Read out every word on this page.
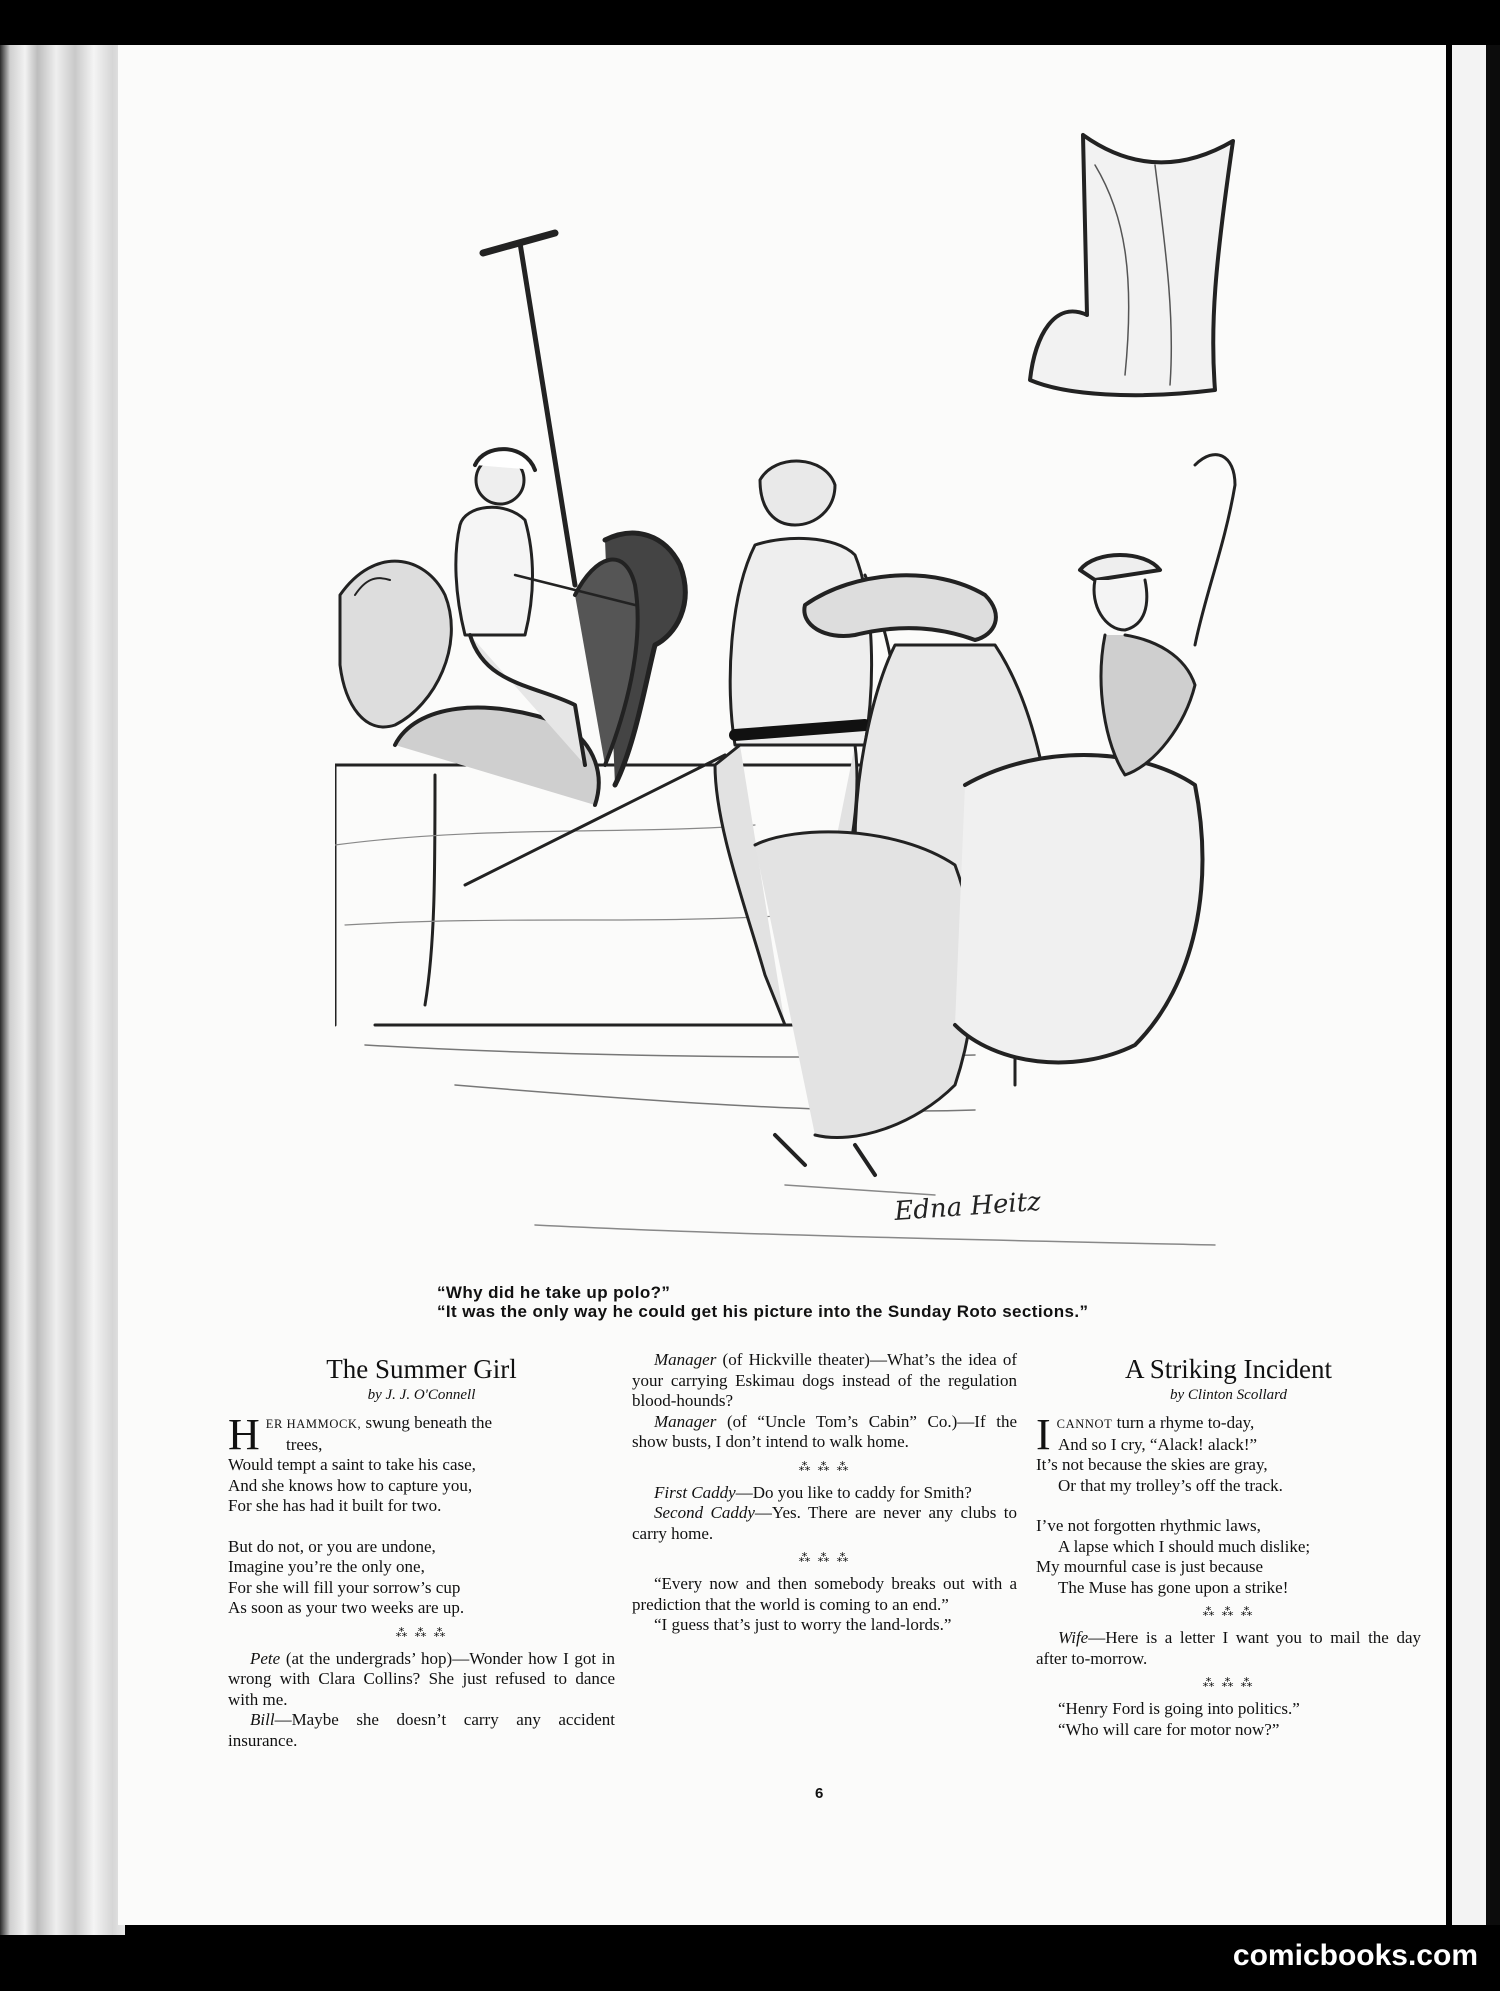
Edna Heitz
“Why did he take up polo?”
“It was the only way he could get his picture into the Sunday Roto sections.”
The Summer Girl
by J. J. O'Connell
H ER HAMMOCK, swung beneath the

trees,

Would tempt a saint to take his case,

And she knows how to capture you,

For she has had it built for two.

But do not, or you are undone,

Imagine you’re the only one,

For she will fill your sorrow’s cup

As soon as your two weeks are up.

⁂ ⁂ ⁂

Pete (at the undergrads’ hop)—Wonder how I got in wrong with Clara Collins? She just refused to dance with me.

Bill—Maybe she doesn’t carry any accident insurance.

Manager (of Hickville theater)—What’s the idea of your carrying Eskimau dogs instead of the regulation blood-hounds?

Manager (of “Uncle Tom’s Cabin” Co.)—If the show busts, I don’t intend to walk home.

⁂ ⁂ ⁂

First Caddy—Do you like to caddy for Smith?

Second Caddy—Yes. There are never any clubs to carry home.

⁂ ⁂ ⁂

“Every now and then somebody breaks out with a prediction that the world is coming to an end.”

“I guess that’s just to worry the land-lords.”

A Striking Incident
by Clinton Scollard
I CANNOT turn a rhyme to-day,

And so I cry, “Alack! alack!”

It’s not because the skies are gray,

Or that my trolley’s off the track.

I’ve not forgotten rhythmic laws,

A lapse which I should much dislike;

My mournful case is just because

The Muse has gone upon a strike!

⁂ ⁂ ⁂

Wife—Here is a letter I want you to mail the day after to-morrow.

⁂ ⁂ ⁂

“Henry Ford is going into politics.”

“Who will care for motor now?”

6
comicbooks.com
